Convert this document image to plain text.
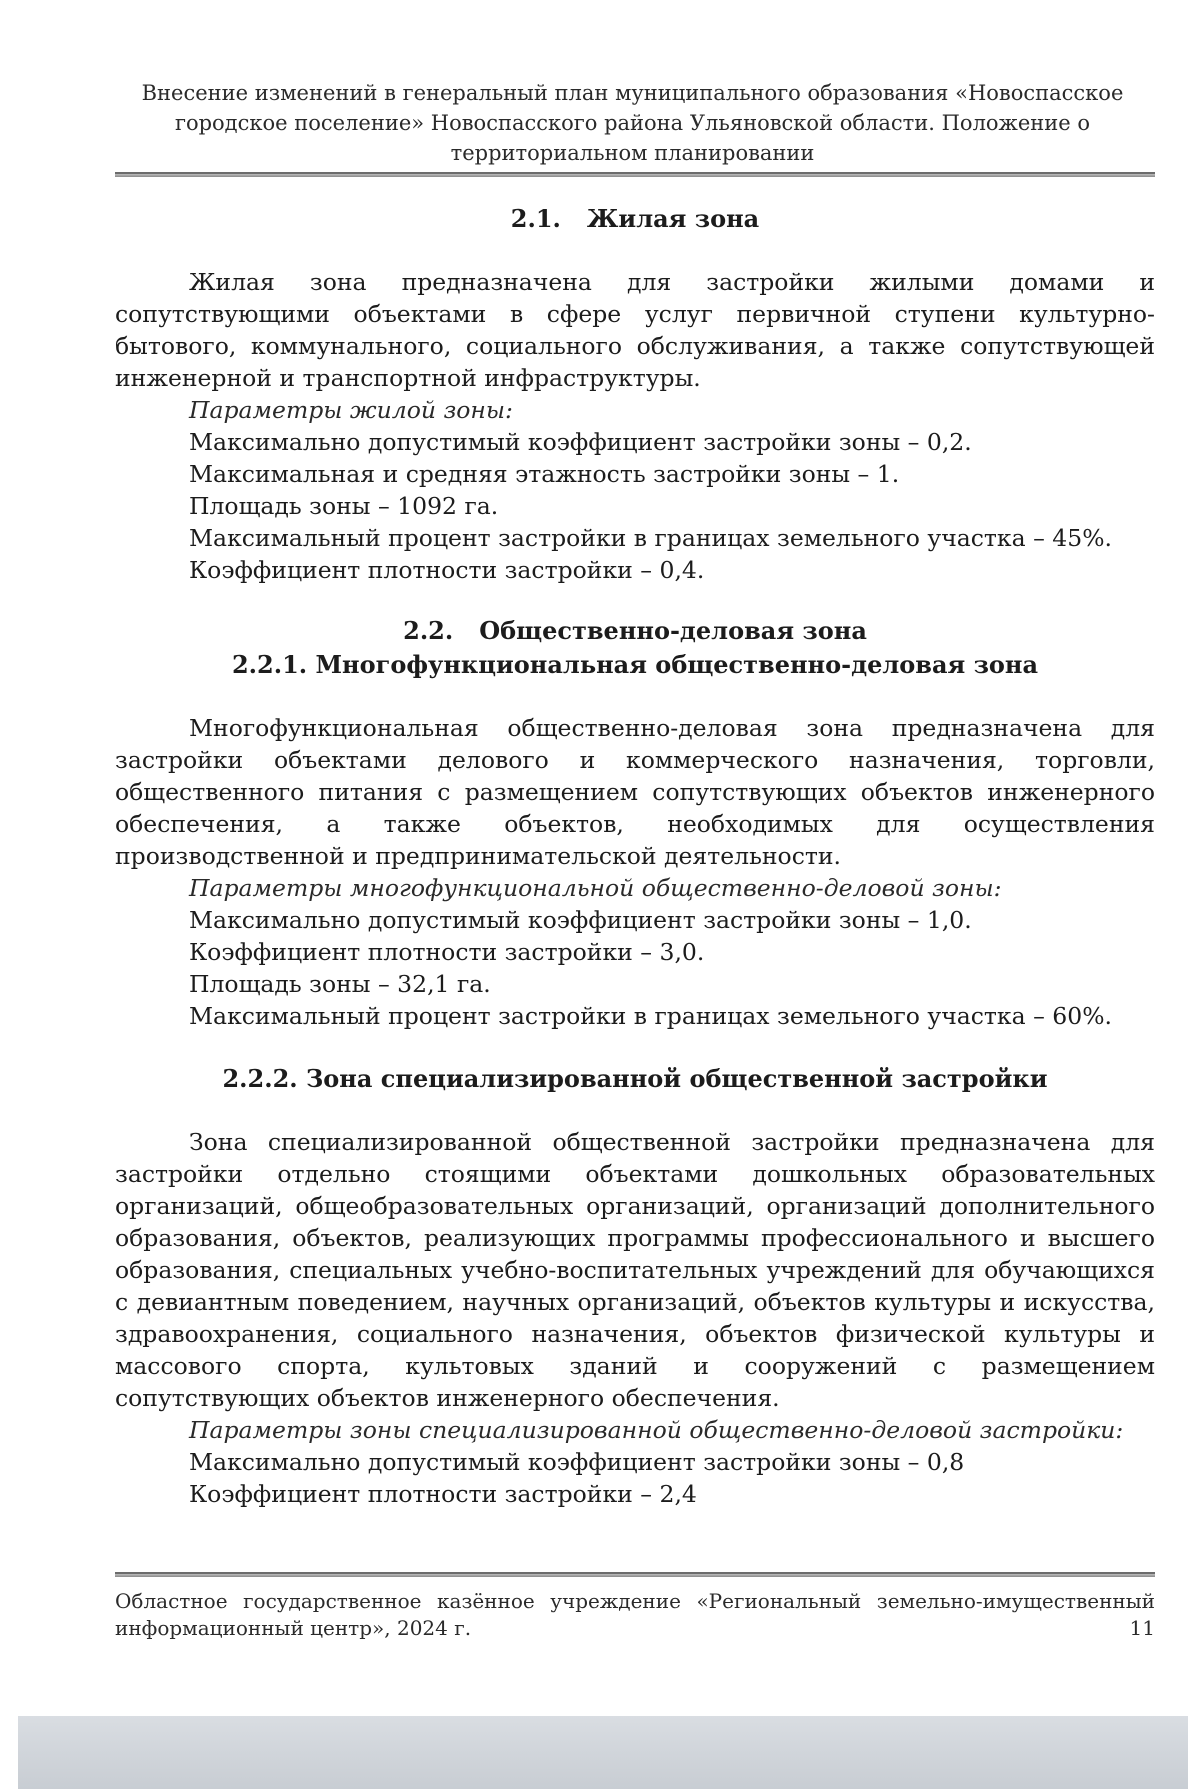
Внесение изменений в генеральный план муниципального образования «Новоспасское городское поселение» Новоспасского района Ульяновской области. Положение о территориальном планировании
2.1. Жилая зона

Жилая зона предназначена для застройки жилыми домами и сопутствующими объектами в сфере услуг первичной ступени культурно-бытового, коммунального, социального обслуживания, а также сопутствующей инженерной и транспортной инфраструктуры.

Параметры жилой зоны:
Максимально допустимый коэффициент застройки зоны – 0,2.
Максимальная и средняя этажность застройки зоны – 1.
Площадь зоны – 1092 га.
Максимальный процент застройки в границах земельного участка – 45%.
Коэффициент плотности застройки – 0,4.
2.2. Общественно-деловая зона
2.2.1. Многофункциональная общественно-деловая зона

Многофункциональная общественно-деловая зона предназначена для застройки объектами делового и коммерческого назначения, торговли, общественного питания с размещением сопутствующих объектов инженерного обеспечения, а также объектов, необходимых для осуществления производственной и предпринимательской деятельности.

Параметры многофункциональной общественно-деловой зоны:
Максимально допустимый коэффициент застройки зоны – 1,0.
Коэффициент плотности застройки – 3,0.
Площадь зоны – 32,1 га.
Максимальный процент застройки в границах земельного участка – 60%.
2.2.2. Зона специализированной общественной застройки

Зона специализированной общественной застройки предназначена для застройки отдельно стоящими объектами дошкольных образовательных организаций, общеобразовательных организаций, организаций дополнительного образования, объектов, реализующих программы профессионального и высшего образования, специальных учебно-воспитательных учреждений для обучающихся с девиантным поведением, научных организаций, объектов культуры и искусства, здравоохранения, социального назначения, объектов физической культуры и массового спорта, культовых зданий и сооружений с размещением сопутствующих объектов инженерного обеспечения.

Параметры зоны специализированной общественно-деловой застройки:
Максимально допустимый коэффициент застройки зоны – 0,8
Коэффициент плотности застройки – 2,4
Областное государственное казённое учреждение «Региональный земельно-имущественный
информационный центр», 2024 г.	11
